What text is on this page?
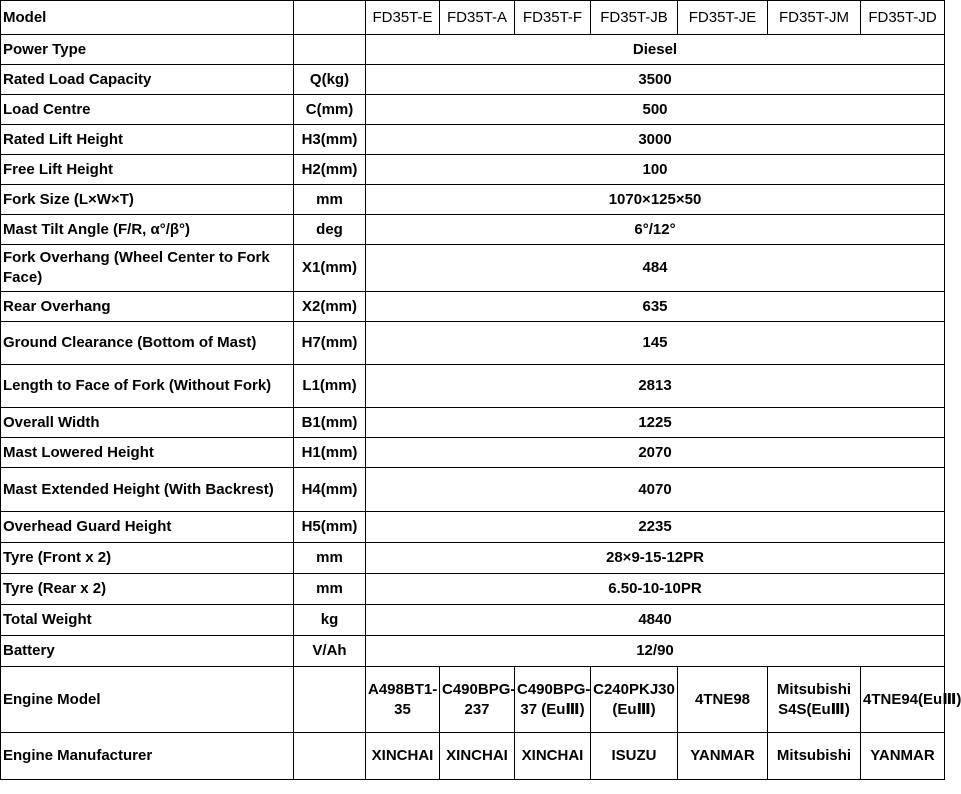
Model		FD35T-E	FD35T-A	FD35T-F	FD35T-JB	FD35T-JE	FD35T-JM	FD35T-JD
Power Type		Diesel						
Rated Load Capacity	Q(kg)	3500						
Load Centre	C(mm)	500						
Rated Lift Height	H3(mm)	3000						
Free Lift Height	H2(mm)	100						
Fork Size (L×W×T)	mm	1070×125×50						
Mast Tilt Angle (F/R, α°/β°)	deg	6°/12°						
Fork Overhang (Wheel Center to Fork Face)	X1(mm)	484						
Rear Overhang	X2(mm)	635						
Ground Clearance (Bottom of Mast)	H7(mm)	145						
Length to Face of Fork (Without Fork)	L1(mm)	2813						
Overall Width	B1(mm)	1225						
Mast Lowered Height	H1(mm)	2070						
Mast Extended Height (With Backrest)	H4(mm)	4070						
Overhead Guard Height	H5(mm)	2235						
Tyre (Front x 2)	mm	28×9-15-12PR						
Tyre (Rear x 2)	mm	6.50-10-10PR						
Total Weight	kg	4840						
Battery	V/Ah	12/90						
Engine Model		A498BT1-35	C490BPG-237	C490BPG-37 (EuⅢ)	C240PKJ30 (EuⅢ)	4TNE98	Mitsubishi S4S(EuⅢ)	4TNE94(EuⅢ)
Engine Manufacturer		XINCHAI	XINCHAI	XINCHAI	ISUZU	YANMAR	Mitsubishi	YANMAR
